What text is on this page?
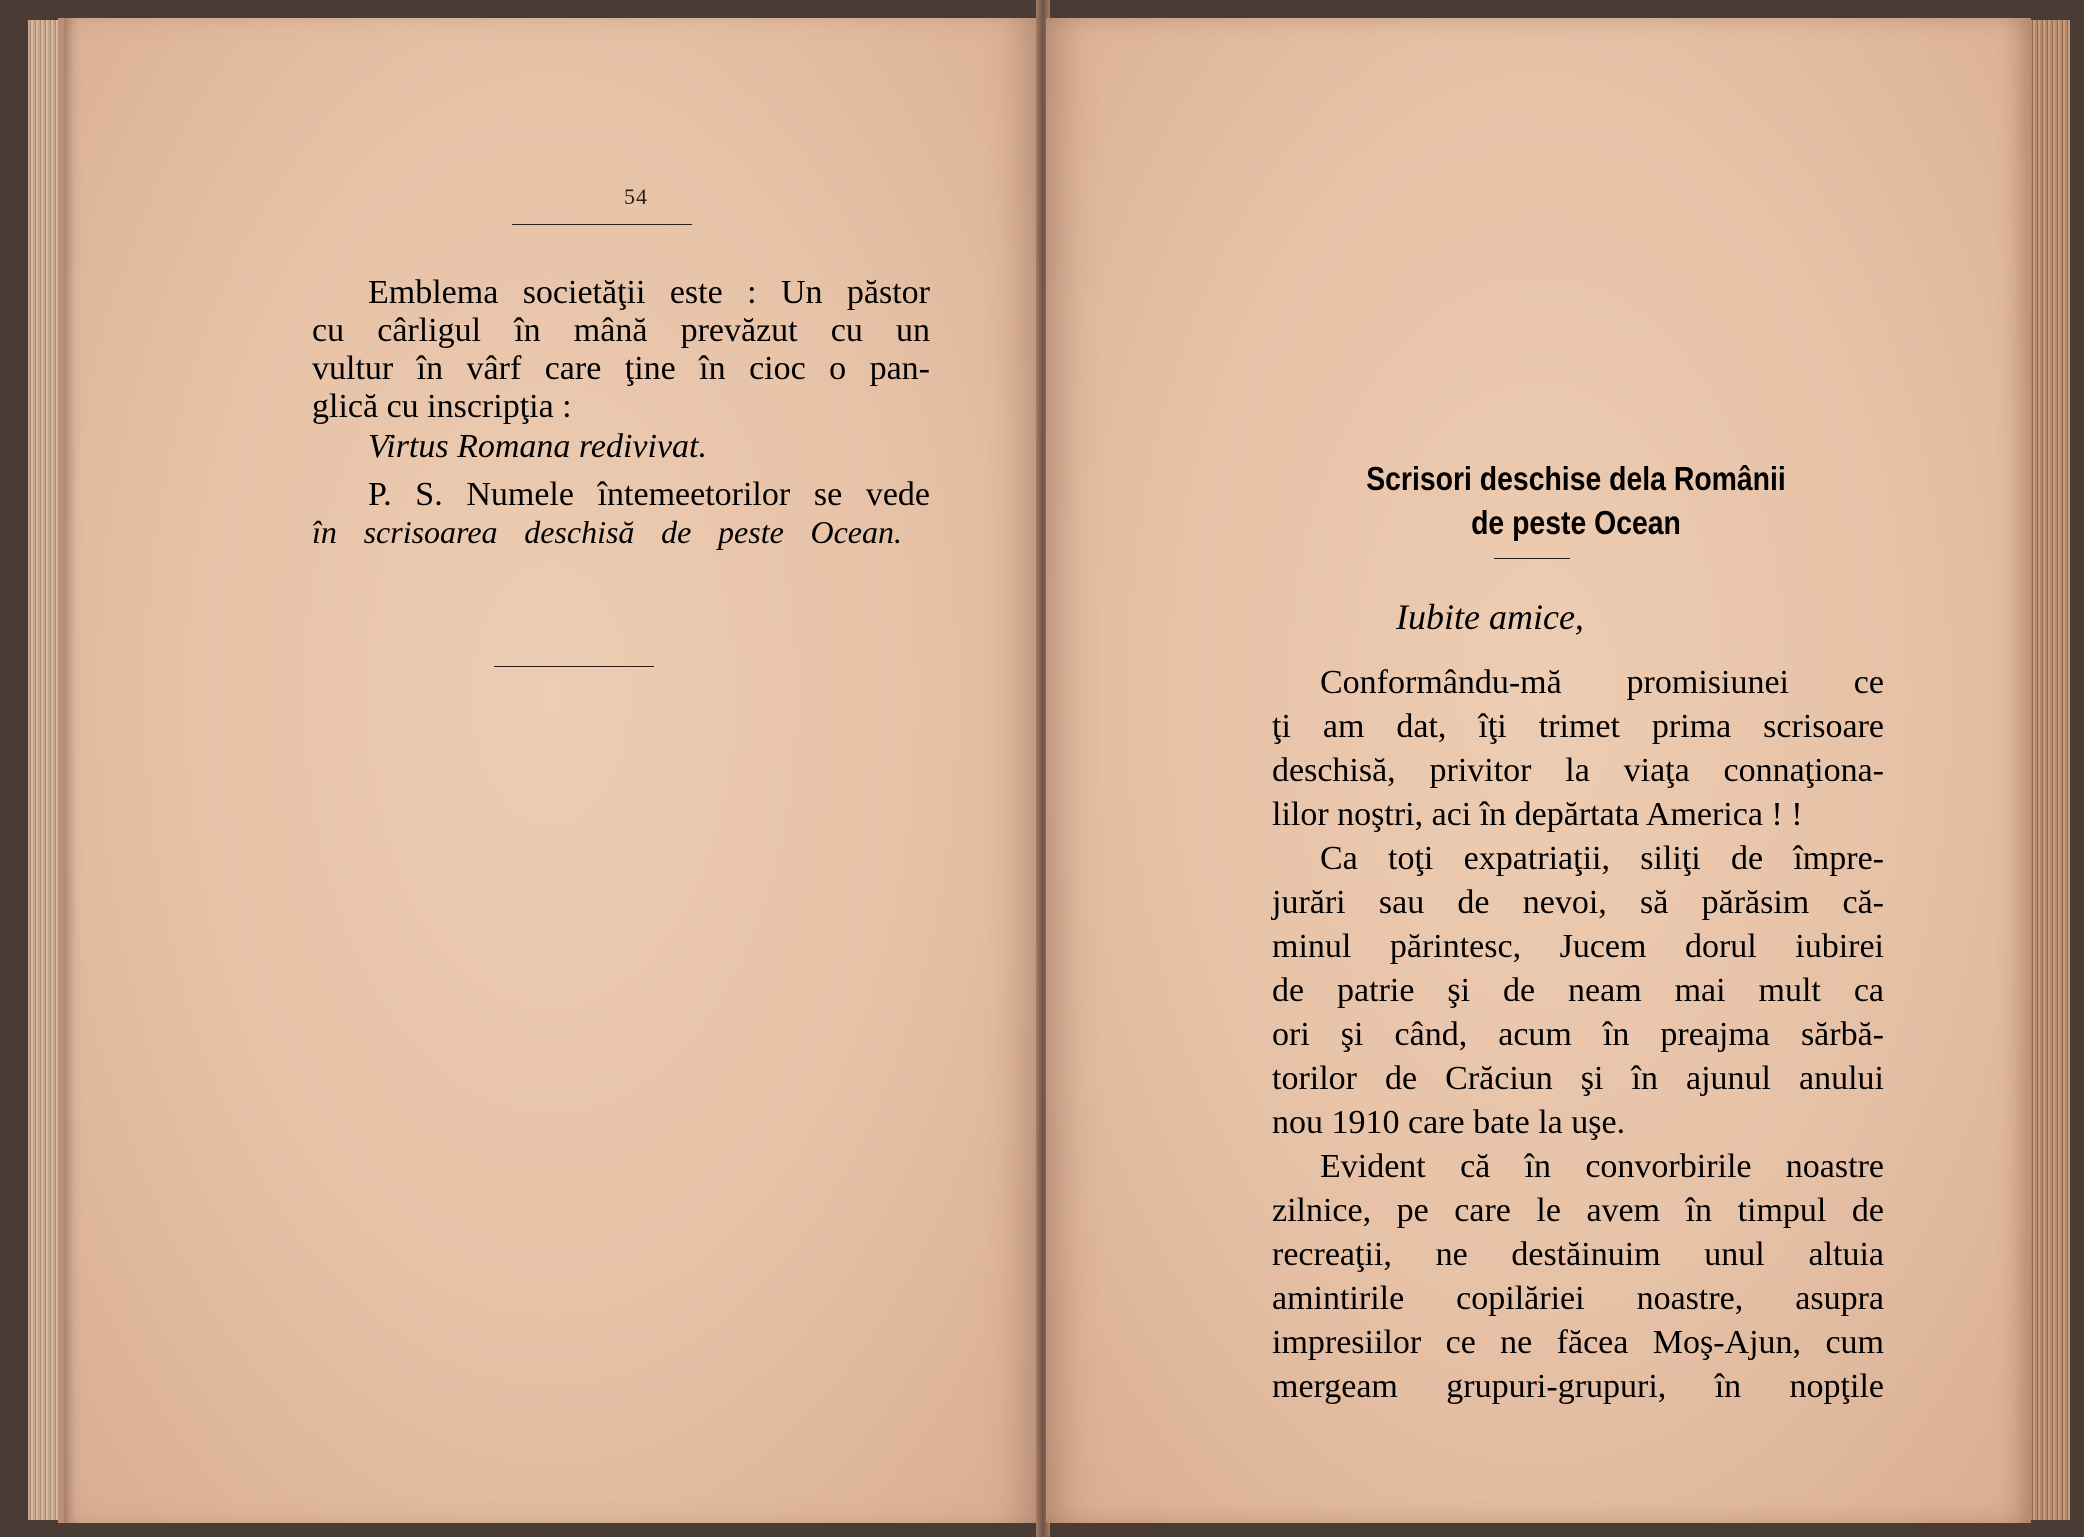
54
Emblema societăţii este : Un păstor
cu cârligul în mână prevăzut cu un
vultur în vârf care ţine în cioc o pan-
glică cu inscripţia :
Virtus Romana redivivat.
P. S. Numele întemeetorilor se vede
în scrisoarea deschisă de peste Ocean.
Scrisori deschise dela Românii
de peste Ocean
Iubite amice,
Conformându-mă promisiunei ce
ţi am dat, îţi trimet prima scrisoare
deschisă, privitor la viaţa connaţiona-
lilor noştri, aci în depărtata America ! !
Ca toţi expatriaţii, siliţi de împre-
jurări sau de nevoi, să părăsim că-
minul părintesc, Jucem dorul iubirei
de patrie şi de neam mai mult ca
ori şi când, acum în preajma sărbă-
torilor de Crăciun şi în ajunul anului
nou 1910 care bate la uşe.
Evident că în convorbirile noastre
zilnice, pe care le avem în timpul de
recreaţii, ne destăinuim unul altuia
amintirile copilăriei noastre, asupra
impresiilor ce ne făcea Moş-Ajun, cum
mergeam grupuri-grupuri, în nopţile
